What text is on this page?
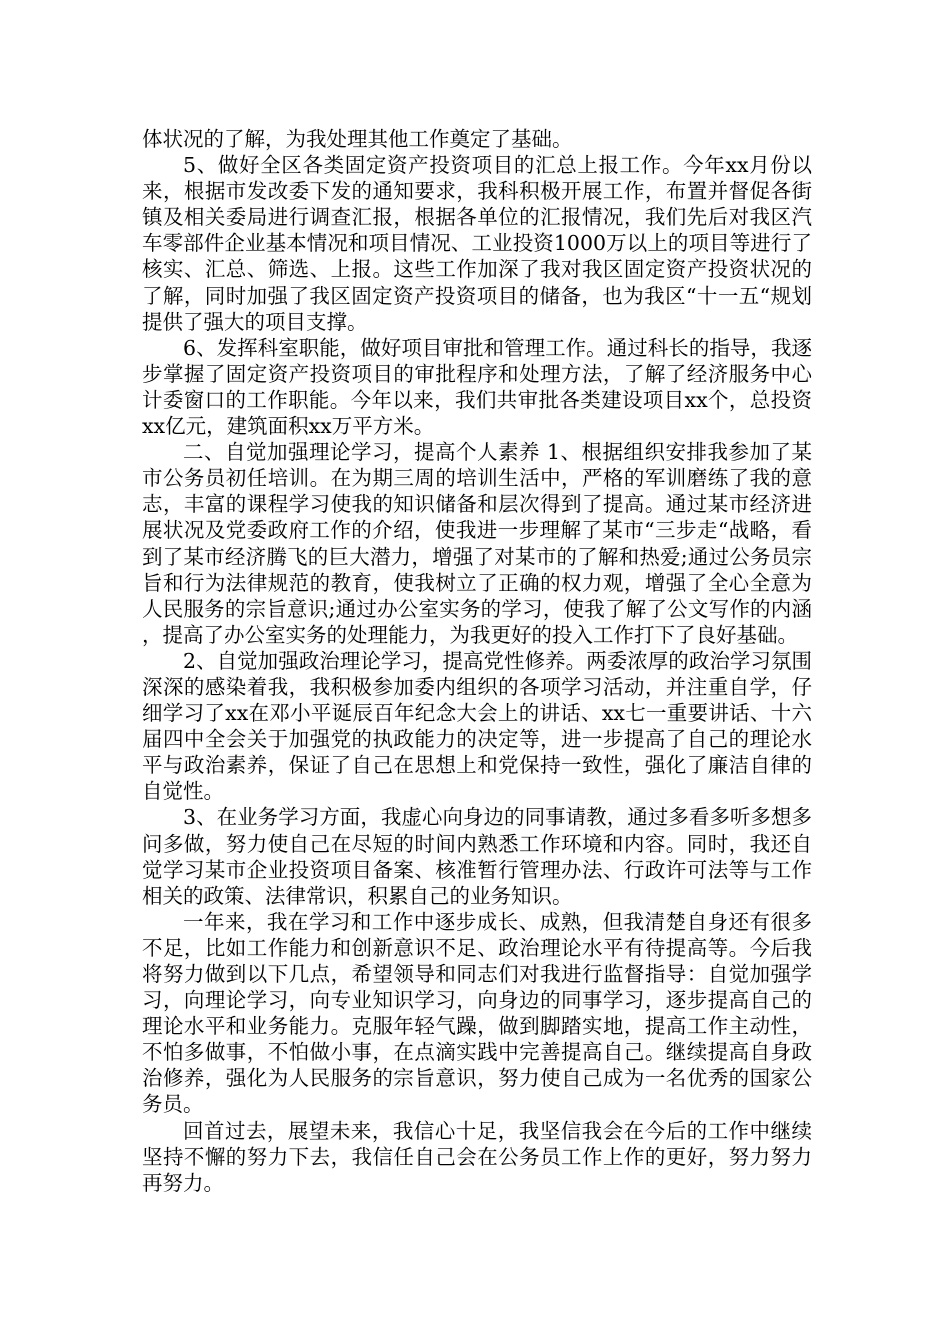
体状况的了解，为我处理其他工作奠定了基础。

5、做好全区各类固定资产投资项目的汇总上报工作。今年xx月份以来，根据市发改委下发的通知要求，我科积极开展工作，布置并督促各街镇及相关委局进行调查汇报，根据各单位的汇报情况，我们先后对我区汽车零部件企业基本情况和项目情况、工业投资1000万以上的项目等进行了核实、汇总、筛选、上报。这些工作加深了我对我区固定资产投资状况的了解，同时加强了我区固定资产投资项目的储备，也为我区“十一五“规划提供了强大的项目支撑。

6、发挥科室职能，做好项目审批和管理工作。通过科长的指导，我逐步掌握了固定资产投资项目的审批程序和处理方法，了解了经济服务中心计委窗口的工作职能。今年以来，我们共审批各类建设项目xx个，总投资xx亿元，建筑面积xx万平方米。

二、自觉加强理论学习，提高个人素养 1、根据组织安排我参加了某市公务员初任培训。在为期三周的培训生活中，严格的军训磨练了我的意志，丰富的课程学习使我的知识储备和层次得到了提高。通过某市经济进展状况及党委政府工作的介绍，使我进一步理解了某市“三步走“战略，看到了某市经济腾飞的巨大潜力，增强了对某市的了解和热爱;通过公务员宗旨和行为法律规范的教育，使我树立了正确的权力观，增强了全心全意为人民服务的宗旨意识;通过办公室实务的学习，使我了解了公文写作的内涵，提高了办公室实务的处理能力，为我更好的投入工作打下了良好基础。

2、自觉加强政治理论学习，提高党性修养。两委浓厚的政治学习氛围深深的感染着我，我积极参加委内组织的各项学习活动，并注重自学，仔细学习了xx在邓小平诞辰百年纪念大会上的讲话、xx七一重要讲话、十六届四中全会关于加强党的执政能力的决定等，进一步提高了自己的理论水平与政治素养，保证了自己在思想上和党保持一致性，强化了廉洁自律的自觉性。

3、在业务学习方面，我虚心向身边的同事请教，通过多看多听多想多问多做，努力使自己在尽短的时间内熟悉工作环境和内容。同时，我还自觉学习某市企业投资项目备案、核准暂行管理办法、行政许可法等与工作相关的政策、法律常识，积累自己的业务知识。

一年来，我在学习和工作中逐步成长、成熟，但我清楚自身还有很多不足，比如工作能力和创新意识不足、政治理论水平有待提高等。今后我将努力做到以下几点，希望领导和同志们对我进行监督指导：自觉加强学习，向理论学习，向专业知识学习，向身边的同事学习，逐步提高自己的理论水平和业务能力。克服年轻气躁，做到脚踏实地，提高工作主动性，不怕多做事，不怕做小事，在点滴实践中完善提高自己。继续提高自身政治修养，强化为人民服务的宗旨意识，努力使自己成为一名优秀的国家公务员。

回首过去，展望未来，我信心十足，我坚信我会在今后的工作中继续坚持不懈的努力下去，我信任自己会在公务员工作上作的更好，努力努力再努力。
